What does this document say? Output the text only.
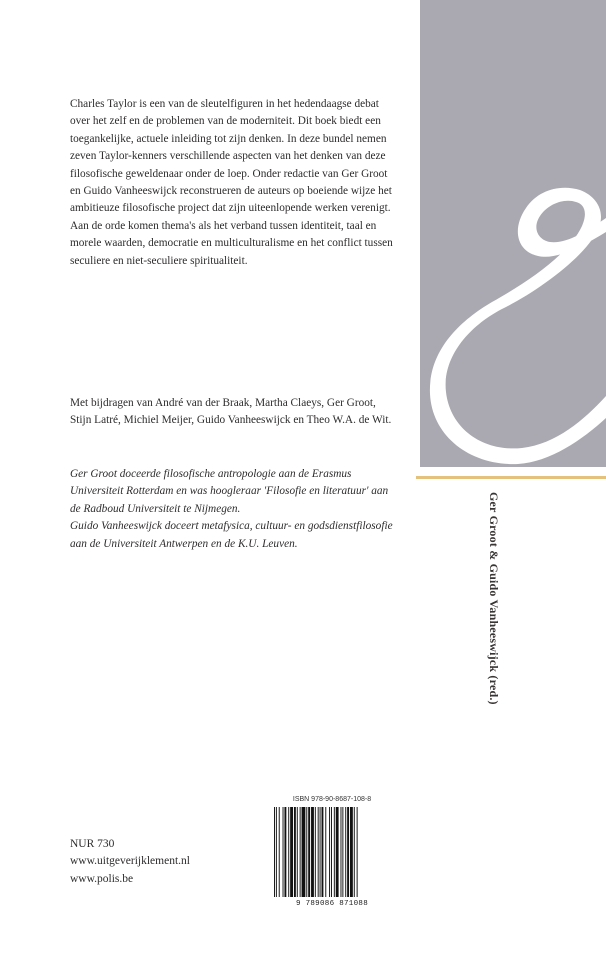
Charles Taylor is een van de sleutelfiguren in het hedendaagse debat over het zelf en de problemen van de moderniteit. Dit boek biedt een toegankelijke, actuele inleiding tot zijn denken. In deze bundel nemen zeven Taylor-kenners verschillende aspecten van het denken van deze filosofische geweldenaar onder de loep. Onder redactie van Ger Groot en Guido Vanheeswijck reconstrueren de auteurs op boeiende wijze het ambitieuze filosofische project dat zijn uiteenlopende werken verenigt. Aan de orde komen thema's als het verband tussen identiteit, taal en morele waarden, democratie en multiculturalisme en het conflict tussen seculiere en niet-seculiere spiritualiteit.

Met bijdragen van André van der Braak, Martha Claeys, Ger Groot, Stijn Latré, Michiel Meijer, Guido Vanheeswijck en Theo W.A. de Wit.

Ger Groot doceerde filosofische antropologie aan de Erasmus Universiteit Rotterdam en was hoogleraar 'Filosofie en literatuur' aan de Radboud Universiteit te Nijmegen.

Guido Vanheeswijck doceert metafysica, cultuur- en godsdienstfilosofie aan de Universiteit Antwerpen en de K.U. Leuven.	Ger Groot & Guido Vanheeswijck (red.)
NUR 730
www.uitgeverijklement.nl
www.polis.be
ISBN 978-90-8687-108-8
9 789086 871088
